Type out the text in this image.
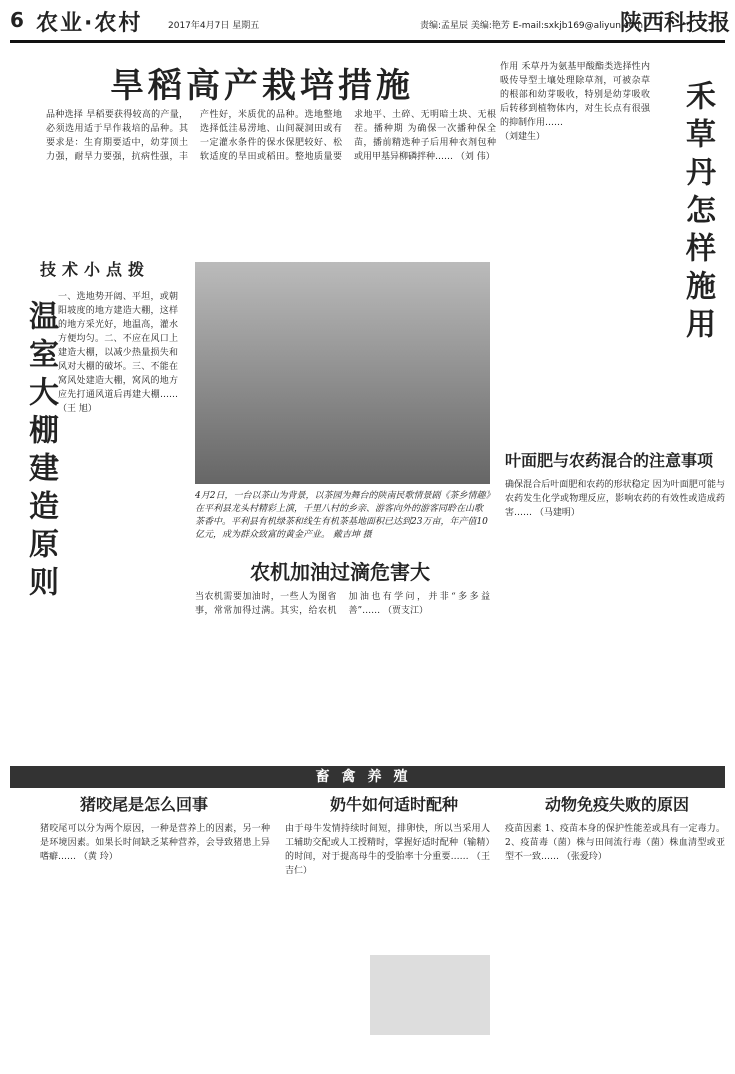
6 农业·农村	2017年4月7日 星期五	责编:孟星辰 美编:艳芳 E-mail:sxkjb169@aliyun.com
陕西科技报
旱稻高产栽培措施
品种选择 旱稻要获得较高的产量，必须选用适于早作栽培的品种。其要求是：生育期要适中，幼芽顶土力强，耐旱力要强，抗病性强，丰产性好，米质优的品种。选地整地 选择低洼易涝地、山间凝洞田或有一定灌水条件的保水保肥较好、松软适度的旱田或稻田。整地质量要求地平、土碎、无明暗土块、无根茬。播种期 为确保一次播种保全苗，播前精选种子后用种衣剂包种或用甲基异柳磷拌种…… （刘 伟）
作用 禾草丹为氨基甲酸酯类选择性内吸传导型土壤处理除草剂，可被杂草的根部和幼芽吸收，特别是幼芽吸收后转移到植物体内，对生长点有很强的抑制作用……
（刘建生）	禾草丹怎样施用
技术小点拨
温室大棚建造原则
一、选地势开阔、平坦，或朝阳坡度的地方建造大棚，这样的地方采光好，地温高，灌水方便均匀。二、不应在风口上建造大棚，以减少热量损失和风对大棚的破坏。三、不能在窝风处建造大棚，窝风的地方应先打通风道后再建大棚…… （王 旭）
4月2日，一台以茶山为背景，以茶园为舞台的陕南民歌情景剧《茶乡情趣》在平利县龙头村精彩上演，千里八村的乡亲、游客向外的游客同聆在山歌茶香中。平利县有机绿茶和线生有机茶基地面积已达到23万亩，年产值10亿元，成为群众致富的黄金产业。 戴吉坤 摄
农机加油过滴危害大
当农机需要加油时，一些人为图省事，常常加得过满。其实，给农机加油也有学问，并非“多多益善”…… （贾支江）
叶面肥与农药混合的注意事项
确保混合后叶面肥和农药的形状稳定 因为叶面肥可能与农药发生化学或物理反应，影响农药的有效性或造成药害…… （马建明）
畜禽养殖
猪咬尾是怎么回事
猪咬尾可以分为两个原因，一种是营养上的因素，另一种是环境因素。如果长时间缺乏某种营养，会导致猪患上异嗜癖…… （黄 玲）
奶牛如何适时配种
由于母牛发情持续时间短，排卵快，所以当采用人工辅助交配或人工授精时，掌握好适时配种（输精）的时间，对于提高母牛的受胎率十分重要…… （王吉仁）
动物免疫失败的原因
疫苗因素 1、疫苗本身的保护性能差或具有一定毒力。2、疫苗毒（菌）株与田间流行毒（菌）株血清型或亚型不一致…… （张爱玲）
